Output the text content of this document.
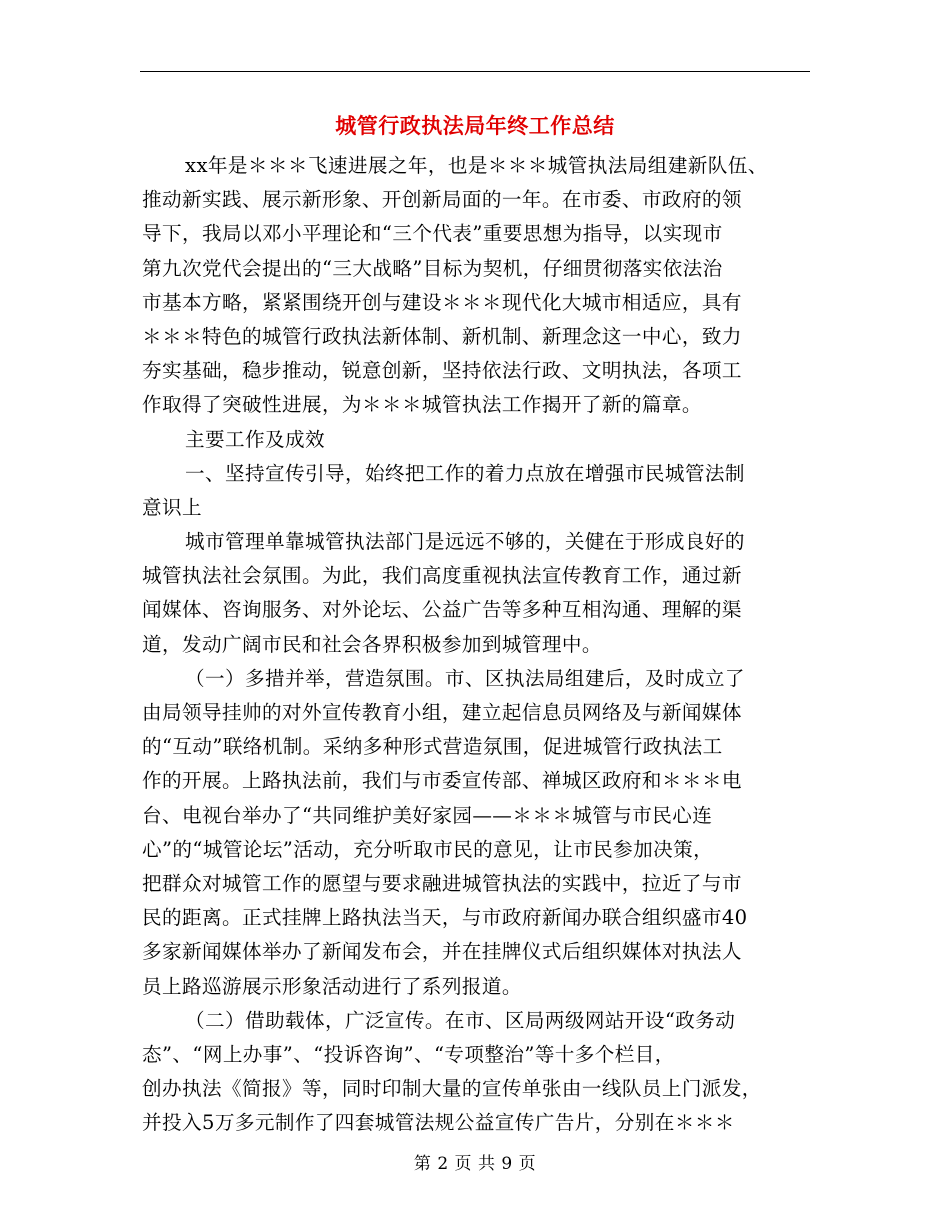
城管行政执法局年终工作总结
xx年是＊＊＊飞速进展之年，也是＊＊＊城管执法局组建新队伍、
推动新实践、展示新形象、开创新局面的一年。在市委、市政府的领
导下，我局以邓小平理论和“三个代表”重要思想为指导，以实现市
第九次党代会提出的“三大战略”目标为契机，仔细贯彻落实依法治
市基本方略，紧紧围绕开创与建设＊＊＊现代化大城市相适应，具有
＊＊＊特色的城管行政执法新体制、新机制、新理念这一中心，致力
夯实基础，稳步推动，锐意创新，坚持依法行政、文明执法，各项工
作取得了突破性进展，为＊＊＊城管执法工作揭开了新的篇章。
主要工作及成效
一、坚持宣传引导，始终把工作的着力点放在增强市民城管法制
意识上
城市管理单靠城管执法部门是远远不够的，关健在于形成良好的
城管执法社会氛围。为此，我们高度重视执法宣传教育工作，通过新
闻媒体、咨询服务、对外论坛、公益广告等多种互相沟通、理解的渠
道，发动广阔市民和社会各界积极参加到城管理中。
（一）多措并举，营造氛围。市、区执法局组建后，及时成立了
由局领导挂帅的对外宣传教育小组，建立起信息员网络及与新闻媒体
的“互动”联络机制。采纳多种形式营造氛围，促进城管行政执法工
作的开展。上路执法前，我们与市委宣传部、禅城区政府和＊＊＊电
台、电视台举办了“共同维护美好家园——＊＊＊城管与市民心连
心”的“城管论坛”活动，充分听取市民的意见，让市民参加决策，
把群众对城管工作的愿望与要求融进城管执法的实践中，拉近了与市
民的距离。正式挂牌上路执法当天，与市政府新闻办联合组织盛市40
多家新闻媒体举办了新闻发布会，并在挂牌仪式后组织媒体对执法人
员上路巡游展示形象活动进行了系列报道。
（二）借助载体，广泛宣传。在市、区局两级网站开设“政务动
态”、“网上办事”、“投诉咨询”、“专项整治”等十多个栏目，
创办执法《简报》等，同时印制大量的宣传单张由一线队员上门派发，
并投入5万多元制作了四套城管法规公益宣传广告片，分别在＊＊＊
第 2 页 共 9 页
